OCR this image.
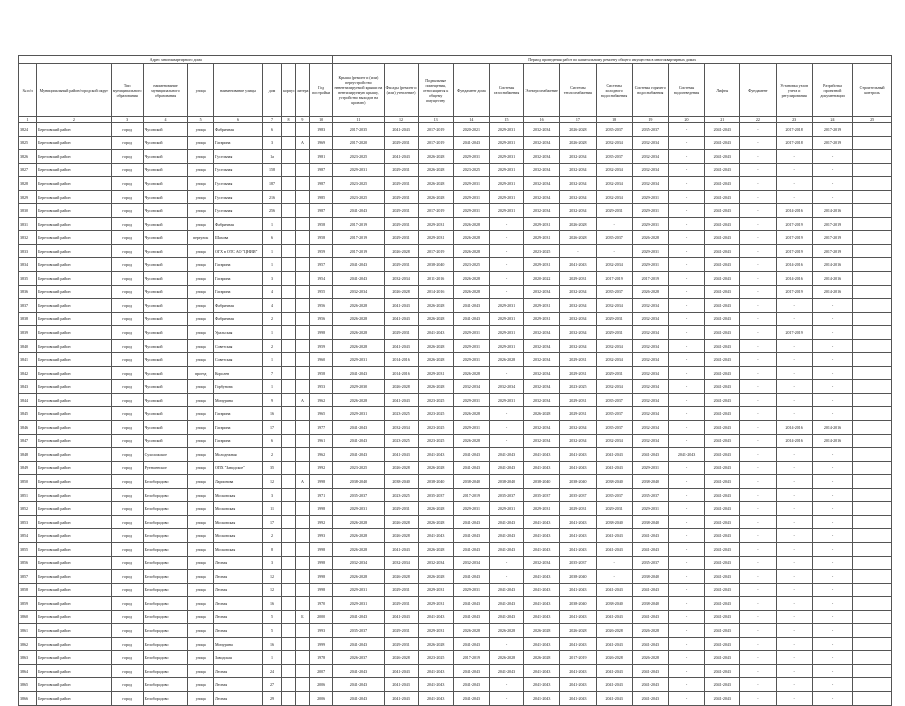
Адрес многоквартирного дома										Период проведения работ по капитальному ремонту общего имущества в многоквартирных домах														
№ п/п	Муниципальный район/городской округ	Тип муниципального образования	наименование муниципального образования	улица	наименование улицы	дом	корпус	литера	Год постройки	Крыша (ремонт и (или) переустройство невентилируемой крыши на вентилируемую крышу, устройство выходов на кровлю)	Фасады (ремонт и (или) утепление)	Подвальные помещения, относящиеся к общему имуществу	Фундамент дома	Системы газоснабжения	Электроснабжение	Системы теплоснабжения	Системы холодного водоснабжения	Системы горячего водоснабжения	Системы водоотведения	Лифты	Фундамент	Установка узлов учета и регулирования	Разработка проектной документации	Строительный контроль
1	2	3	4	5	6	7	8	9	10	11	12	13	14	15	16	17	18	19	20	21	22	23	24	25
3824	Березовский район	город	Чусовской	улица	Фабричная	6			1983	2017-2035	2041-2043	2017-2019	2020-2021	2029-2031	2032-2034	2026-2028	2035-2037	2035-2037	-	2041-2043	-	2017-2018	2017-2019	
3825	Березовский район	город	Чусовской	улица	Гагарина	3		А	1969	2017-2020	2029-2031	2017-2019	2041-2043	2029-2031	2032-2034	2026-2028	2032-2034	2032-2034	-	2041-2043	-	2017-2018	2017-2019	
3826	Березовский район	город	Чусовской	улица	Гусельная	1а			1981	2023-2025	2041-2043	2026-2028	2029-2031	2029-2031	2032-2034	2032-2034	2035-2037	2032-2034	-	2041-2043	-	-	-	
3827	Березовский район	город	Чусовской	улица	Гусельная	158			1987	2029-2031	2029-2031	2026-2028	2023-2025	2029-2031	2032-2034	2032-2034	2032-2034	2032-2034	-	2041-2043	-	-	-	
3828	Березовский район	город	Чусовской	улица	Гусельная	187			1987	2023-2025	2029-2031	2026-2028	2029-2031	2029-2031	2032-2034	2032-2034	2032-2034	2032-2034	-	2041-2043	-	-	-	
3829	Березовский район	город	Чусовской	улица	Гусельная	216			1985	2023-2025	2029-2031	2026-2028	2029-2031	2029-2031	2032-2034	2032-2034	2032-2034	2029-2031	-	2041-2043	-	-	-	
3830	Березовский район	город	Чусовской	улица	Гусельная	256			1987	2041-2043	2029-2031	2017-2019	2029-2031	2029-2031	2032-2034	2032-2034	2029-2031	2029-2031	-	2041-2043	-	2014-2016	2014-2016	
3831	Березовский район	город	Чусовской	улица	Фабричная	1			1958	2017-2019	2029-2031	2029-2031	2026-2028	-	2029-2031	2026-2028	-	2029-2031	-	2041-2043	-	2017-2019	2017-2019	
3832	Березовский район	город	Чусовской	переулок	Шахова	6			1958	2017-2019	2029-2031	2029-2031	2026-2028	-	2029-2031	2026-2028	2035-2037	2026-2028	-	2041-2043	-	2017-2019	2017-2019	
3833	Березовский район	город	Чусовской	улица	ОГХ в ОТС АО "ЦНИИ"	1			1959	2017-2019	2026-2028	2017-2019	2026-2028	-	2023-2025	-	-	2029-2031	-	2041-2043	-	2017-2019	2017-2019	
3834	Березовский район	город	Чусовской	улица	Гагарина	1			1957	2041-2043	2029-2031	2038-2040	2023-2025	-	2029-2031	2041-2043	2032-2034	2029-2031	-	2041-2043	-	2014-2016	2014-2016	
3835	Березовский район	город	Чусовской	улица	Гагарина	3			1954	2041-2043	2032-2034	2011-2016	2026-2028	-	2020-2022	2029-2031	2017-2019	2017-2019	-	2041-2043	-	2014-2016	2014-2016	
3836	Березовский район	город	Чусовской	улица	Гагарина	4			1955	2032-2034	2026-2028	2014-2016	2026-2028	-	2032-2034	2032-2034	2035-2037	2026-2028	-	2041-2043	-	2017-2019	2014-2016	
3837	Березовский район	город	Чусовской	улица	Фабричная	4			1956	2026-2028	2041-2043	2026-2028	2041-2043	2029-2031	2029-2031	2032-2034	2032-2034	2032-2034	-	2041-2043	-	-	-	
3838	Березовский район	город	Чусовской	улица	Фабричная	2			1956	2026-2028	2041-2043	2026-2028	2041-2043	2029-2031	2029-2031	2032-2034	2029-2031	2032-2034	-	2041-2043	-	-	-	
3839	Березовский район	город	Чусовской	улица	Уральская	1			1998	2026-2028	2029-2031	2041-2043	2029-2031	2029-2031	2032-2034	2032-2034	2029-2031	2032-2034	-	2041-2043	-	2017-2019	-	
3840	Березовский район	город	Чусовской	улица	Советская	2			1959	2026-2028	2041-2043	2026-2028	2029-2031	2029-2031	2032-2034	2032-2034	2032-2034	2032-2034	-	2041-2043	-	-	-	
3841	Березовский район	город	Чусовской	улица	Советская	1			1960	2029-2031	2014-2016	2026-2028	2029-2031	2026-2028	2032-2034	2029-2031	2032-2034	2032-2034	-	2041-2043	-	-	-	
3842	Березовский район	город	Чусовской	проезд	Королев	7			1958	2041-2043	2014-2016	2029-2031	2026-2028	-	2032-2034	2029-2031	2029-2031	2032-2034	-	2041-2043	-	-	-	
3843	Березовский район	город	Чусовской	улица	Горбунова	1			1953	2029-2030	2026-2028	2026-2028	2032-2034	2032-2034	2032-2034	2023-2025	2032-2034	2032-2034	-	2041-2043	-	-	-	
3844	Березовский район	город	Чусовской	улица	Мичурина	9		А	1962	2026-2028	2041-2043	2023-2025	2029-2031	2029-2031	2032-2034	2029-2031	2035-2037	2032-2034	-	2041-2043	-	-	-	
3845	Березовский район	город	Чусовской	улица	Гагарина	16			1965	2029-2031	2023-2025	2023-2025	2026-2028	-	2026-2028	2029-2031	2035-2037	2032-2034	-	2041-2043	-	-	-	
3846	Березовский район	город	Чусовской	улица	Гагарина	17			1977	2041-2043	2032-2034	2023-2025	2029-2031	-	2032-2034	2032-2034	2035-2037	2032-2034	-	2041-2043	-	2014-2016	2014-2016	
3847	Березовский район	город	Чусовской	улица	Гагарина	6			1961	2041-2043	2023-2025	2023-2025	2026-2028	-	2032-2034	2032-2034	2032-2034	2032-2034	-	2041-2043	-	2014-2016	2014-2016	
3848	Березовский район	город	Сухоложское	улица	Молодежная	2			1962	2041-2043	2041-2043	2041-2043	2041-2043	2041-2043	2041-2043	2041-2043	2041-2043	2041-2043	2041-2043	2041-2043	-	-	-	
3849	Березовский район	город	Рутешенское	улица	ОПХ "Заводское"	35			1992	2023-2025	2026-2028	2026-2028	2041-2043	2041-2043	2041-2043	2041-2043	2041-2043	2029-2031	-	2041-2043	-	-	-	
3850	Березовский район	город	Белобородово	улица	Ларионова	12		А	1998	2038-2040	2038-2040	2038-2040	2038-2040	2038-2040	2038-2040	2038-2040	2038-2040	2038-2040	-	2041-2043	-	-	-	
3851	Березовский район	город	Белобородово	улица	Московская	3			1971	2035-2037	2023-2025	2035-2037	2017-2019	2035-2037	2035-2037	2035-2037	2035-2037	2035-2037	-	2041-2043	-	-	-	
3852	Березовский район	город	Белобородово	улица	Московская	11			1998	2029-2031	2029-2031	2026-2028	2029-2031	2029-2031	2029-2031	2029-2031	2029-2031	2029-2031	-	2041-2043	-	-	-	
3853	Березовский район	город	Белобородово	улица	Московская	17			1992	2026-2028	2026-2028	2026-2028	2041-2043	2041-2043	2041-2043	2041-2043	2038-2040	2038-2040	-	2041-2043	-	-	-	
3854	Березовский район	город	Белобородово	улица	Московская	2			1993	2026-2028	2026-2028	2041-2043	2041-2043	2041-2043	2041-2043	2041-2043	2041-2043	2041-2043	-	2041-2043	-	-	-	
3855	Березовский район	город	Белобородово	улица	Московская	8			1998	2026-2028	2041-2043	2026-2028	2041-2043	2041-2043	2041-2043	2041-2043	2041-2043	2041-2043	-	2041-2043	-	-	-	
3856	Березовский район	город	Белобородово	улица	Лесная	3			1998	2032-2034	2032-2034	2032-2034	2032-2034	-	2032-2034	2035-2037	-	2035-2037	-	2041-2043	-	-	-	
3857	Березовский район	город	Белобородово	улица	Лесная	12			1998	2026-2028	2026-2028	2026-2028	2041-2043	-	2041-2043	2038-2040	-	2038-2040	-	2041-2043	-	-	-	
3858	Березовский район	город	Белобородово	улица	Лесная	12			1998	2029-2031	2029-2031	2029-2031	2029-2031	2041-2043	2041-2043	2041-2043	2041-2043	2041-2043	-	2041-2043	-	-	-	
3859	Березовский район	город	Белобородово	улица	Лесная	16			1970	2029-2031	2029-2031	2029-2031	2041-2043	2041-2043	2041-2043	2038-2040	2038-2040	2038-2040	-	2041-2043	-	-	-	
3860	Березовский район	город	Белобородово	улица	Лесная	5		Б	2000	2041-2043	2041-2043	2041-2043	2041-2043	2041-2043	2041-2043	2041-2043	2041-2043	2041-2043	-	2041-2043	-	-	-	
3861	Березовский район	город	Белобородово	улица	Лесная	5			1993	2035-2037	2029-2031	2029-2031	2026-2028	2026-2028	2026-2028	2026-2028	2026-2028	2026-2028	-	2041-2043	-	-	-	
3862	Березовский район	город	Белобородово	улица	Мичурина	16			1999	2041-2043	2029-2031	2026-2028	2041-2043	-	2041-2043	2041-2043	2041-2043	2041-2043	-	2041-2043	-	-	-	
3863	Березовский район	город	Белобородово	улица	Заводская	1			1978	2026-2037	2026-2028	2023-2025	2017-2019	2026-2028	2026-2028	2017-2019	2026-2028	2026-2028	-	2041-2043	-	-	-	
3864	Березовский район	город	Белобородово	улица	Лесная	24			2007	2041-2043	2041-2043	2041-2043	2041-2043	2041-2043	2041-2043	2041-2043	2041-2043	2041-2043	-	2041-2043	-	-	-	
3865	Березовский район	город	Белобородово	улица	Лесная	27			2006	2041-2043	2041-2043	2041-2043	2041-2043	-	2041-2043	2041-2043	2041-2043	2041-2043	-	2041-2043	-	-	-	
3866	Березовский район	город	Белобородово	улица	Лесная	29			2006	2041-2043	2041-2043	2041-2043	2041-2043	-	2041-2043	2041-2043	2041-2043	2041-2043	-	2041-2043	-	-	-	
